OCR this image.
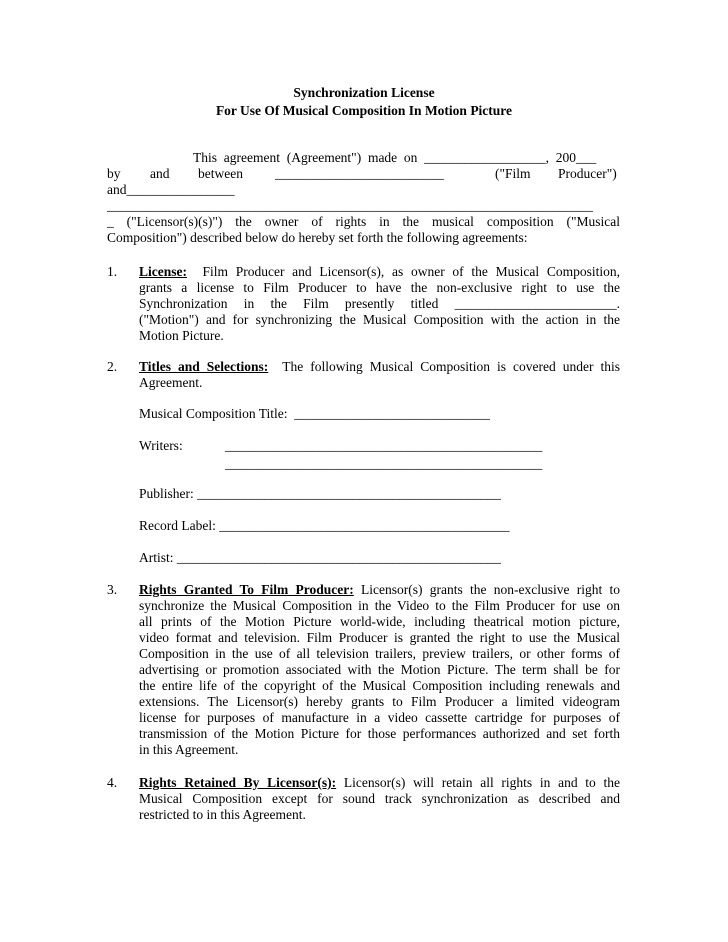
Synchronization License
For Use Of Musical Composition In Motion Picture
This  agreement  (Agreement")  made  on  __________________,  200___
by and between _________________________	("Film Producer")
and________________
________________________________________________________________________
_ ("Licensor(s)(s)") the owner of rights in the musical composition ("Musical
Composition") described below do hereby set forth the following agreements:
1. License: Film Producer and Licensor(s), as owner of the Musical Composition,
grants a license to Film Producer to have the non-exclusive right to use the
Synchronization in the Film presently titled ________________________.
("Motion") and for synchronizing the Musical Composition with the action in the
Motion Picture.
2. Titles and Selections: The following Musical Composition is covered under this
Agreement.
Musical Composition Title:  _____________________________
Writers:	_______________________________________________
_______________________________________________
Publisher: _____________________________________________
Record Label: ___________________________________________
Artist: ________________________________________________
3. Rights Granted To Film Producer: Licensor(s) grants the non-exclusive right to
synchronize the Musical Composition in the Video to the Film Producer for use on
all prints of the Motion Picture world-wide, including theatrical motion picture,
video format and television. Film Producer is granted the right to use the Musical
Composition in the use of all television trailers, preview trailers, or other forms of
advertising or promotion associated with the Motion Picture. The term shall be for
the entire life of the copyright of the Musical Composition including renewals and
extensions. The Licensor(s) hereby grants to Film Producer a limited videogram
license for purposes of manufacture in a video cassette cartridge for purposes of
transmission of the Motion Picture for those performances authorized and set forth
in this Agreement.
4. Rights Retained By Licensor(s): Licensor(s) will retain all rights in and to the
Musical Composition except for sound track synchronization as described and
restricted to in this Agreement.
